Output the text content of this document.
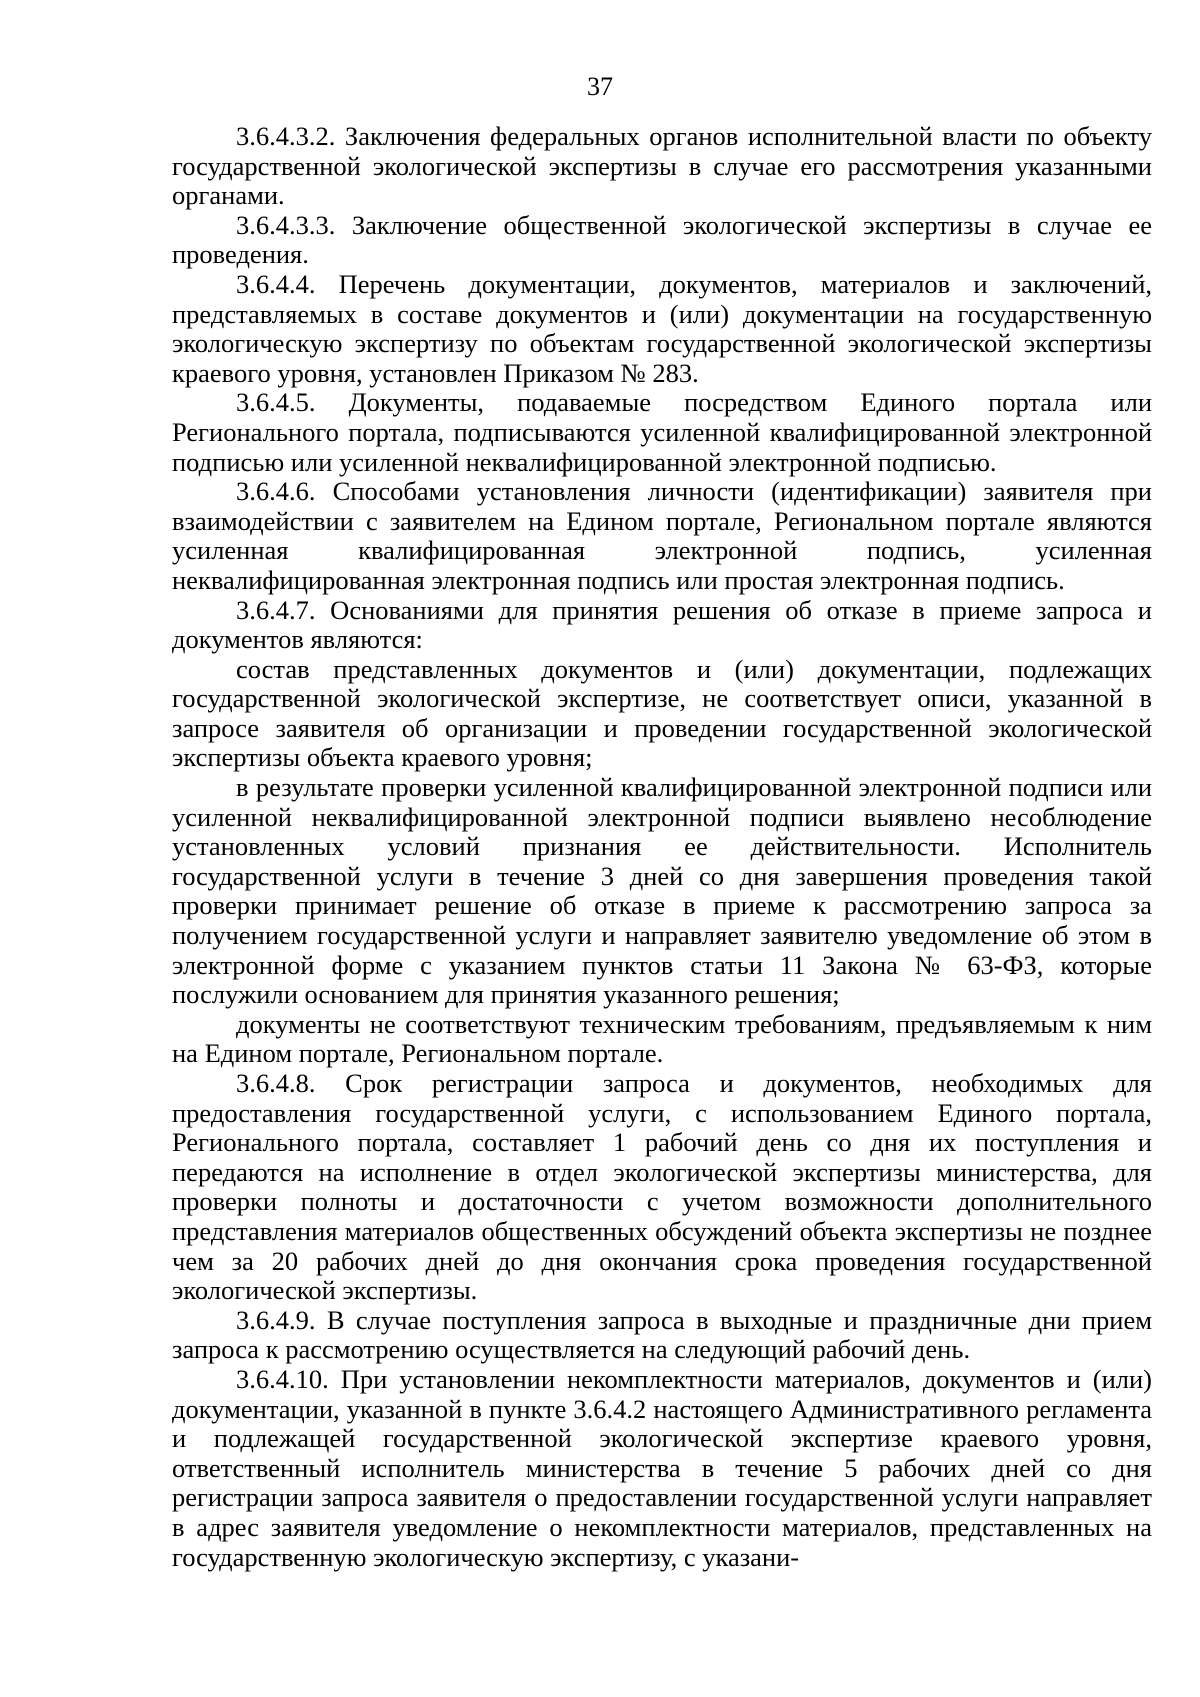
37

3.6.4.3.2. Заключения федеральных органов исполнительной власти по объекту государственной экологической экспертизы в случае его рассмотрения указанными органами.

3.6.4.3.3. Заключение общественной экологической экспертизы в случае ее проведения.

3.6.4.4. Перечень документации, документов, материалов и заключений, представляемых в составе документов и (или) документации на государственную экологическую экспертизу по объектам государственной экологической экспертизы краевого уровня, установлен Приказом № 283.

3.6.4.5. Документы, подаваемые посредством Единого портала или Регионального портала, подписываются усиленной квалифицированной электронной подписью или усиленной неквалифицированной электронной подписью.

3.6.4.6. Способами установления личности (идентификации) заявителя при взаимодействии с заявителем на Едином портале, Региональном портале являются усиленная квалифицированная электронной подпись, усиленная неквалифицированная электронная подпись или простая электронная подпись.

3.6.4.7. Основаниями для принятия решения об отказе в приеме запроса и документов являются:

состав представленных документов и (или) документации, подлежащих государственной экологической экспертизе, не соответствует описи, указанной в запросе заявителя об организации и проведении государственной экологической экспертизы объекта краевого уровня;

в результате проверки усиленной квалифицированной электронной подписи или усиленной неквалифицированной электронной подписи выявлено несоблюдение установленных условий признания ее действительности. Исполнитель государственной услуги в течение 3 дней со дня завершения проведения такой проверки принимает решение об отказе в приеме к рассмотрению запроса за получением государственной услуги и направляет заявителю уведомление об этом в электронной форме с указанием пунктов статьи 11 Закона № 63-ФЗ, которые послужили основанием для принятия указанного решения;

документы не соответствуют техническим требованиям, предъявляемым к ним на Едином портале, Региональном портале.

3.6.4.8. Срок регистрации запроса и документов, необходимых для предоставления государственной услуги, с использованием Единого портала, Регионального портала, составляет 1 рабочий день со дня их поступления и передаются на исполнение в отдел экологической экспертизы министерства, для проверки полноты и достаточности с учетом возможности дополнительного представления материалов общественных обсуждений объекта экспертизы не позднее чем за 20 рабочих дней до дня окончания срока проведения государственной экологической экспертизы.

3.6.4.9. В случае поступления запроса в выходные и праздничные дни прием запроса к рассмотрению осуществляется на следующий рабочий день.

3.6.4.10. При установлении некомплектности материалов, документов и (или) документации, указанной в пункте 3.6.4.2 настоящего Административного регламента и подлежащей государственной экологической экспертизе краевого уровня, ответственный исполнитель министерства в течение 5 рабочих дней со дня регистрации запроса заявителя о предоставлении государственной услуги направляет в адрес заявителя уведомление о некомплектности материалов, представленных на государственную экологическую экспертизу, с указани-
